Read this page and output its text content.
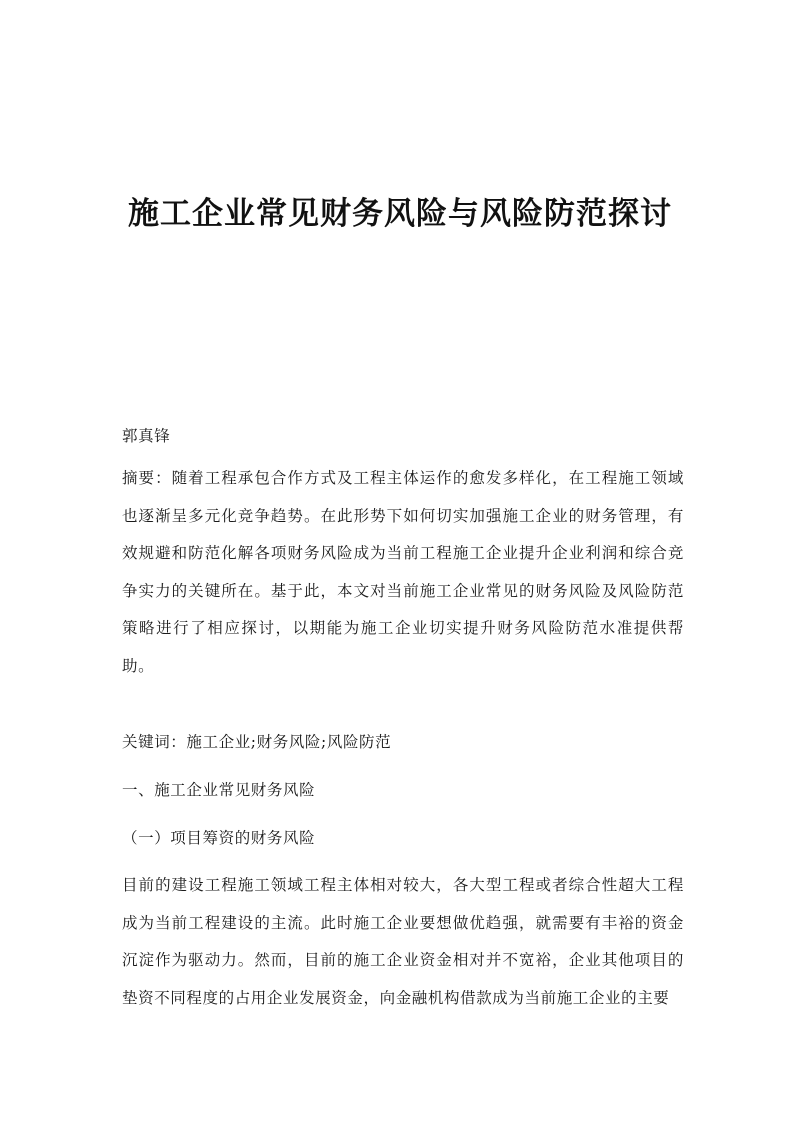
施工企业常见财务风险与风险防范探讨
郭真锋
摘要：随着工程承包合作方式及工程主体运作的愈发多样化，在工程施工领域也逐渐呈多元化竞争趋势。在此形势下如何切实加强施工企业的财务管理，有效规避和防范化解各项财务风险成为当前工程施工企业提升企业利润和综合竞争实力的关键所在。基于此，本文对当前施工企业常见的财务风险及风险防范策略进行了相应探讨，以期能为施工企业切实提升财务风险防范水准提供帮助。
关键词：施工企业;财务风险;风险防范
一、施工企业常见财务风险
（一）项目筹资的财务风险
目前的建设工程施工领域工程主体相对较大，各大型工程或者综合性超大工程成为当前工程建设的主流。此时施工企业要想做优趋强，就需要有丰裕的资金沉淀作为驱动力。然而，目前的施工企业资金相对并不宽裕，企业其他项目的垫资不同程度的占用企业发展资金，向金融机构借款成为当前施工企业的主要
